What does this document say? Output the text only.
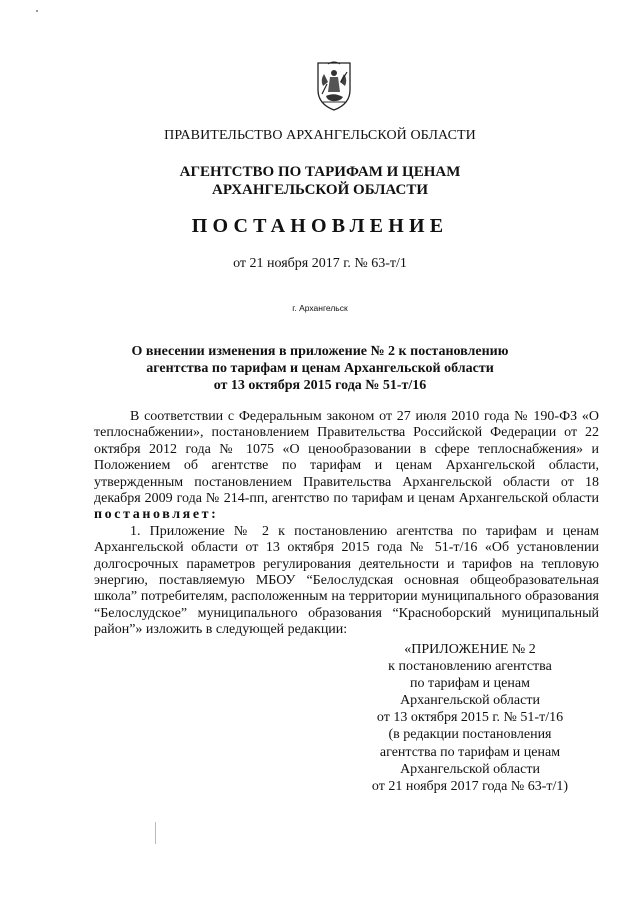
ПРАВИТЕЛЬСТВО АРХАНГЕЛЬСКОЙ ОБЛАСТИ
АГЕНТСТВО ПО ТАРИФАМ И ЦЕНАМ
АРХАНГЕЛЬСКОЙ ОБЛАСТИ
ПОСТАНОВЛЕНИЕ
от 21 ноября 2017 г. № 63-т/1
г. Архангельск
О внесении изменения в приложение № 2 к постановлению
агентства по тарифам и ценам Архангельской области
от 13 октября 2015 года № 51-т/16

В соответствии с Федеральным законом от 27 июля 2010 года № 190-ФЗ «О теплоснабжении», постановлением Правительства Российской Федерации от 22 октября 2012 года № 1075 «О ценообразовании в сфере теплоснабжения» и Положением об агентстве по тарифам и ценам Архангельской области, утвержденным постановлением Правительства Архангельской области от 18 декабря 2009 года № 214-пп, агентство по тарифам и ценам Архангельской области постановляет:

1. Приложение № 2 к постановлению агентства по тарифам и ценам Архангельской области от 13 октября 2015 года № 51-т/16 «Об установлении долгосрочных параметров регулирования деятельности и тарифов на тепловую энергию, поставляемую МБОУ “Белослудская основная общеобразовательная школа” потребителям, расположенным на территории муниципального образования “Белослудское” муниципального образования “Красноборский муниципальный район”» изложить в следующей редакции:

«ПРИЛОЖЕНИЕ № 2
к постановлению агентства
по тарифам и ценам
Архангельской области
от 13 октября 2015 г. № 51-т/16
(в редакции постановления
агентства по тарифам и ценам
Архангельской области
от 21 ноября 2017 года № 63-т/1)
